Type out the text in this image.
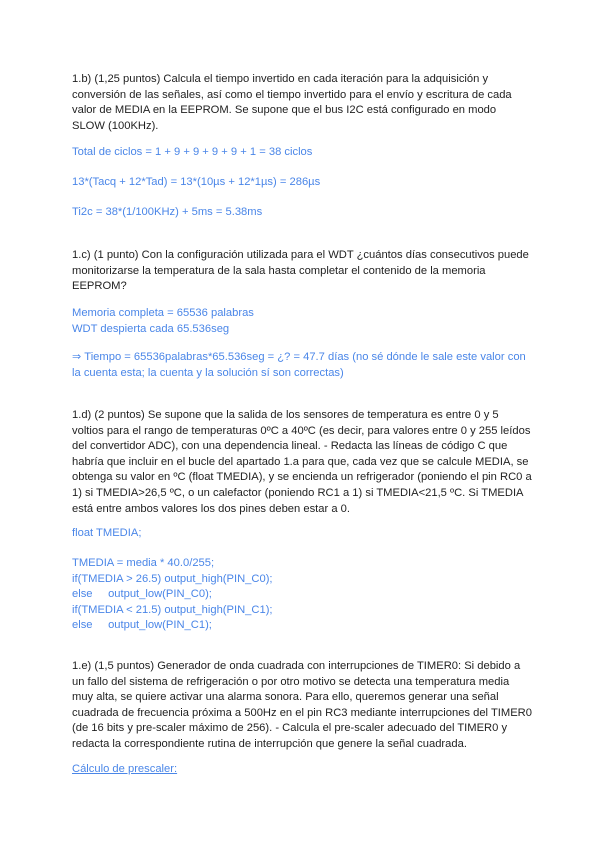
1.b) (1,25 puntos) Calcula el tiempo invertido en cada iteración para la adquisición y conversión de las señales, así como el tiempo invertido para el envío y escritura de cada valor de MEDIA en la EEPROM. Se supone que el bus I2C está configurado en modo SLOW (100KHz).

Total de ciclos = 1 + 9 + 9 + 9 + 9 + 1 = 38 ciclos

13*(Tacq + 12*Tad) = 13*(10µs + 12*1µs) = 286µs

Ti2c = 38*(1/100KHz) + 5ms = 5.38ms

1.c) (1 punto) Con la configuración utilizada para el WDT ¿cuántos días consecutivos puede monitorizarse la temperatura de la sala hasta completar el contenido de la memoria EEPROM?

Memoria completa = 65536 palabras

WDT despierta cada 65.536seg

⇒ Tiempo = 65536palabras*65.536seg = ¿? = 47.7 días (no sé dónde le sale este valor con la cuenta esta; la cuenta y la solución sí son correctas)

1.d) (2 puntos) Se supone que la salida de los sensores de temperatura es entre 0 y 5 voltios para el rango de temperaturas 0ºC a 40ºC (es decir, para valores entre 0 y 255 leídos del convertidor ADC), con una dependencia lineal. - Redacta las líneas de código C que habría que incluir en el bucle del apartado 1.a para que, cada vez que se calcule MEDIA, se obtenga su valor en ºC (float TMEDIA), y se encienda un refrigerador (poniendo el pin RC0 a 1) si TMEDIA>26,5 ºC, o un calefactor (poniendo RC1 a 1) si TMEDIA<21,5 ºC. Si TMEDIA está entre ambos valores los dos pines deben estar a 0.

float TMEDIA;

TMEDIA = media * 40.0/255;

if(TMEDIA > 26.5) output_high(PIN_C0);

else     output_low(PIN_C0);

if(TMEDIA < 21.5) output_high(PIN_C1);

else     output_low(PIN_C1);

1.e) (1,5 puntos) Generador de onda cuadrada con interrupciones de TIMER0: Si debido a un fallo del sistema de refrigeración o por otro motivo se detecta una temperatura media muy alta, se quiere activar una alarma sonora. Para ello, queremos generar una señal cuadrada de frecuencia próxima a 500Hz en el pin RC3 mediante interrupciones del TIMER0 (de 16 bits y pre-scaler máximo de 256). - Calcula el pre-scaler adecuado del TIMER0 y redacta la correspondiente rutina de interrupción que genere la señal cuadrada.

Cálculo de prescaler:
